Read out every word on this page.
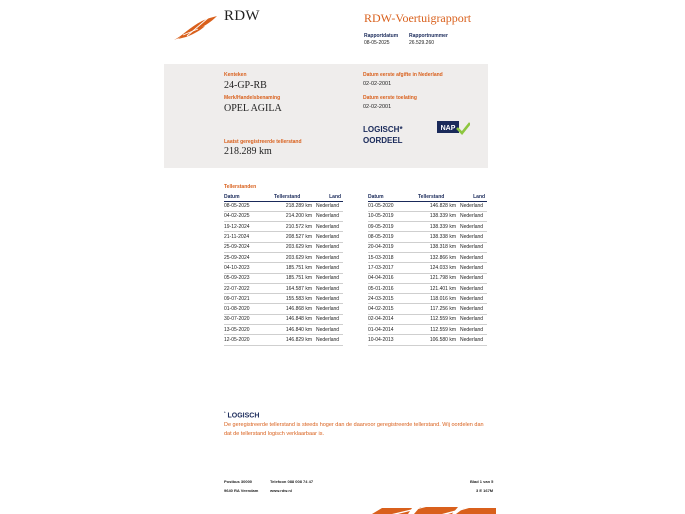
RDW	RDW-Voertuigrapport
Rapportdatum
08-05-2025
Rapportnummer
26.529.260
Kenteken
24-GP-RB
Merk/Handelsbenaming
OPEL AGILA
Laatst geregistreerde tellerstand
218.289 km
Datum eerste afgifte in Nederland
02-02-2001
Datum eerste toelating
02-02-2001
LOGISCH*
OORDEEL
NAP
Tellerstanden
Datum	Tellerstand	Land
08-05-2025	218.289 km	Nederland
04-02-2025	214.200 km	Nederland
19-12-2024	210.572 km	Nederland
21-11-2024	208.527 km	Nederland
25-09-2024	203.629 km	Nederland
25-09-2024	203.629 km	Nederland
04-10-2023	185.751 km	Nederland
05-09-2023	185.751 km	Nederland
22-07-2022	164.587 km	Nederland
09-07-2021	155.583 km	Nederland
01-08-2020	146.868 km	Nederland
30-07-2020	146.848 km	Nederland
13-05-2020	146.840 km	Nederland
12-05-2020	146.829 km	Nederland
Datum	Tellerstand	Land
01-05-2020	146.828 km	Nederland
10-05-2019	138.339 km	Nederland
09-05-2019	138.339 km	Nederland
08-05-2019	138.338 km	Nederland
20-04-2019	138.318 km	Nederland
15-03-2018	132.866 km	Nederland
17-03-2017	124.033 km	Nederland
04-04-2016	121.798 km	Nederland
05-01-2016	121.401 km	Nederland
24-03-2015	118.016 km	Nederland
04-02-2015	117.256 km	Nederland
02-04-2014	112.559 km	Nederland
01-04-2014	112.559 km	Nederland
10-04-2013	106.580 km	Nederland
* LOGISCH
De geregistreerde tellerstand is steeds hoger dan de daarvoor geregistreerde tellerstand. Wij oordelen dan dat de tellerstand logisch verklaarbaar is.
Postbus 30000
9640 RA Veendam
Telefoon 088 008 74 47
www.rdw.nl
Blad 1 van 5
3 E 167M
